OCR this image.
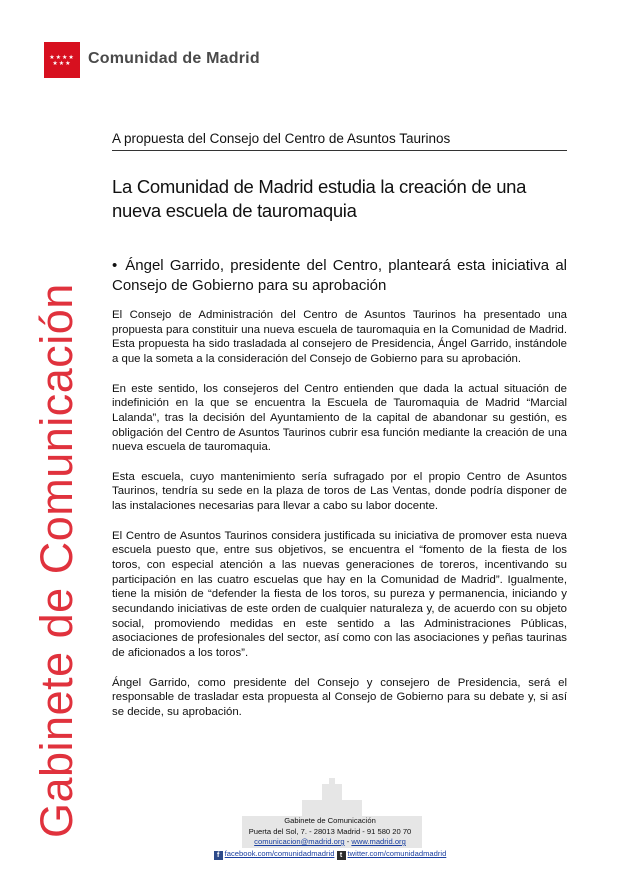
★★★★
★★★	Comunidad de Madrid
Gabinete de Comunicación
A propuesta del Consejo del Centro de Asuntos Taurinos
La Comunidad de Madrid estudia la creación de una nueva escuela de tauromaquia
• Ángel Garrido, presidente del Centro, planteará esta iniciativa al Consejo de Gobierno para su aprobación

El Consejo de Administración del Centro de Asuntos Taurinos ha presentado una propuesta para constituir una nueva escuela de tauromaquia en la Comunidad de Madrid. Esta propuesta ha sido trasladada al consejero de Presidencia, Ángel Garrido, instándole a que la someta a la consideración del Consejo de Gobierno para su aprobación.

En este sentido, los consejeros del Centro entienden que dada la actual situación de indefinición en la que se encuentra la Escuela de Tauromaquia de Madrid “Marcial Lalanda”, tras la decisión del Ayuntamiento de la capital de abandonar su gestión, es obligación del Centro de Asuntos Taurinos cubrir esa función mediante la creación de una nueva escuela de tauromaquia.

Esta escuela, cuyo mantenimiento sería sufragado por el propio Centro de Asuntos Taurinos, tendría su sede en la plaza de toros de Las Ventas, donde podría disponer de las instalaciones necesarias para llevar a cabo su labor docente.

El Centro de Asuntos Taurinos considera justificada su iniciativa de promover esta nueva escuela puesto que, entre sus objetivos, se encuentra el “fomento de la fiesta de los toros, con especial atención a las nuevas generaciones de toreros, incentivando su participación en las cuatro escuelas que hay en la Comunidad de Madrid”. Igualmente, tiene la misión de “defender la fiesta de los toros, su pureza y permanencia, iniciando y secundando iniciativas de este orden de cualquier naturaleza y, de acuerdo con su objeto social, promoviendo medidas en este sentido a las Administraciones Públicas, asociaciones de profesionales del sector, así como con las asociaciones y peñas taurinas de aficionados a los toros”.

Ángel Garrido, como presidente del Consejo y consejero de Presidencia, será el responsable de trasladar esta propuesta al Consejo de Gobierno para su debate y, si así se decide, su aprobación.

Gabinete de Comunicación
Puerta del Sol, 7. - 28013 Madrid - 91 580 20 70
comunicacion@madrid.org - www.madrid.org
f facebook.com/comunidadmadrid t twitter.com/comunidadmadrid
